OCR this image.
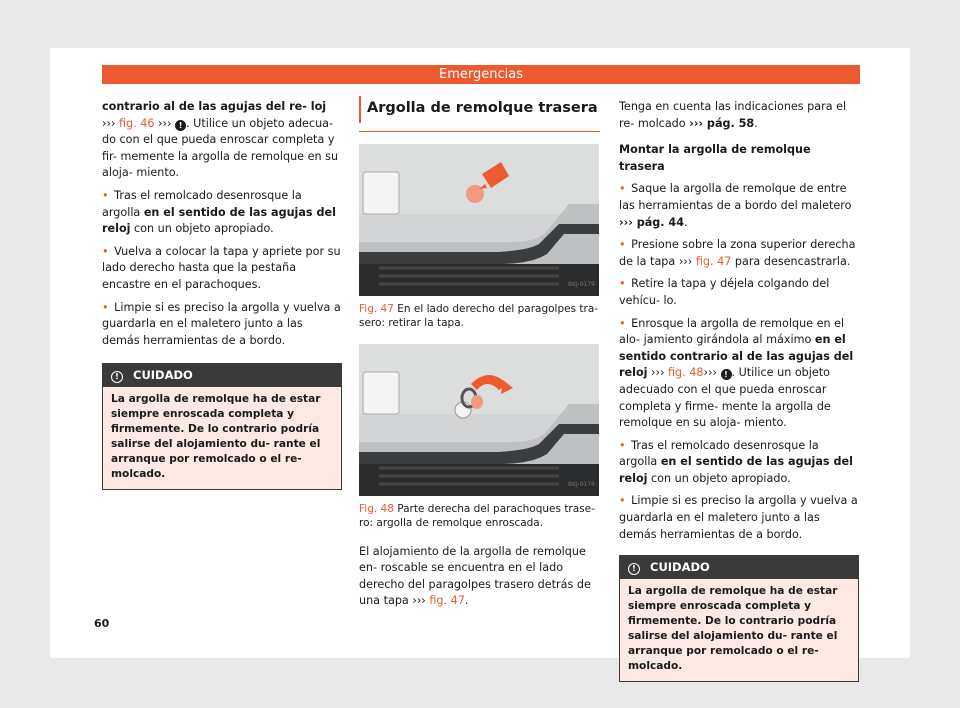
Emergencias

contrario al de las agujas del re- loj ››› fig. 46 ››› ! . Utilice un objeto adecua- do con el que pueda enroscar completa y fir- memente la argolla de remolque en su aloja- miento.

• Tras el remolcado desenrosque la argolla en el sentido de las agujas del reloj con un objeto apropiado.

• Vuelva a colocar la tapa y apriete por su lado derecho hasta que la pestaña encastre en el parachoques.

• Limpie si es preciso la argolla y vuelva a guardarla en el maletero junto a las demás herramientas de a bordo.

! CUIDADO
La argolla de remolque ha de estar siempre enroscada completa y firmemente. De lo contrario podría salirse del alojamiento du- rante el arranque por remolcado o el re- molcado.
Argolla de remolque trasera
BKJ-0179
Fig. 47 En el lado derecho del paragolpes tra- sero: retirar la tapa.
BKJ-0176
Fig. 48 Parte derecha del parachoques trase- ro: argolla de remolque enroscada.

El alojamiento de la argolla de remolque en- roscable se encuentra en el lado derecho del paragolpes trasero detrás de una tapa ››› fig. 47.

Tenga en cuenta las indicaciones para el re- molcado ››› pág. 58.

Montar la argolla de remolque trasera

• Saque la argolla de remolque de entre las herramientas de a bordo del maletero ››› pág. 44.

• Presione sobre la zona superior derecha de la tapa ››› fig. 47 para desencastrarla.

• Retire la tapa y déjela colgando del vehícu- lo.

• Enrosque la argolla de remolque en el alo- jamiento girándola al máximo en el sentido contrario al de las agujas del reloj ››› fig. 48››› ! . Utilice un objeto adecuado con el que pueda enroscar completa y firme- mente la argolla de remolque en su aloja- miento.

• Tras el remolcado desenrosque la argolla en el sentido de las agujas del reloj con un objeto apropiado.

• Limpie si es preciso la argolla y vuelva a guardarla en el maletero junto a las demás herramientas de a bordo.

! CUIDADO
La argolla de remolque ha de estar siempre enroscada completa y firmemente. De lo contrario podría salirse del alojamiento du- rante el arranque por remolcado o el re- molcado.
60
